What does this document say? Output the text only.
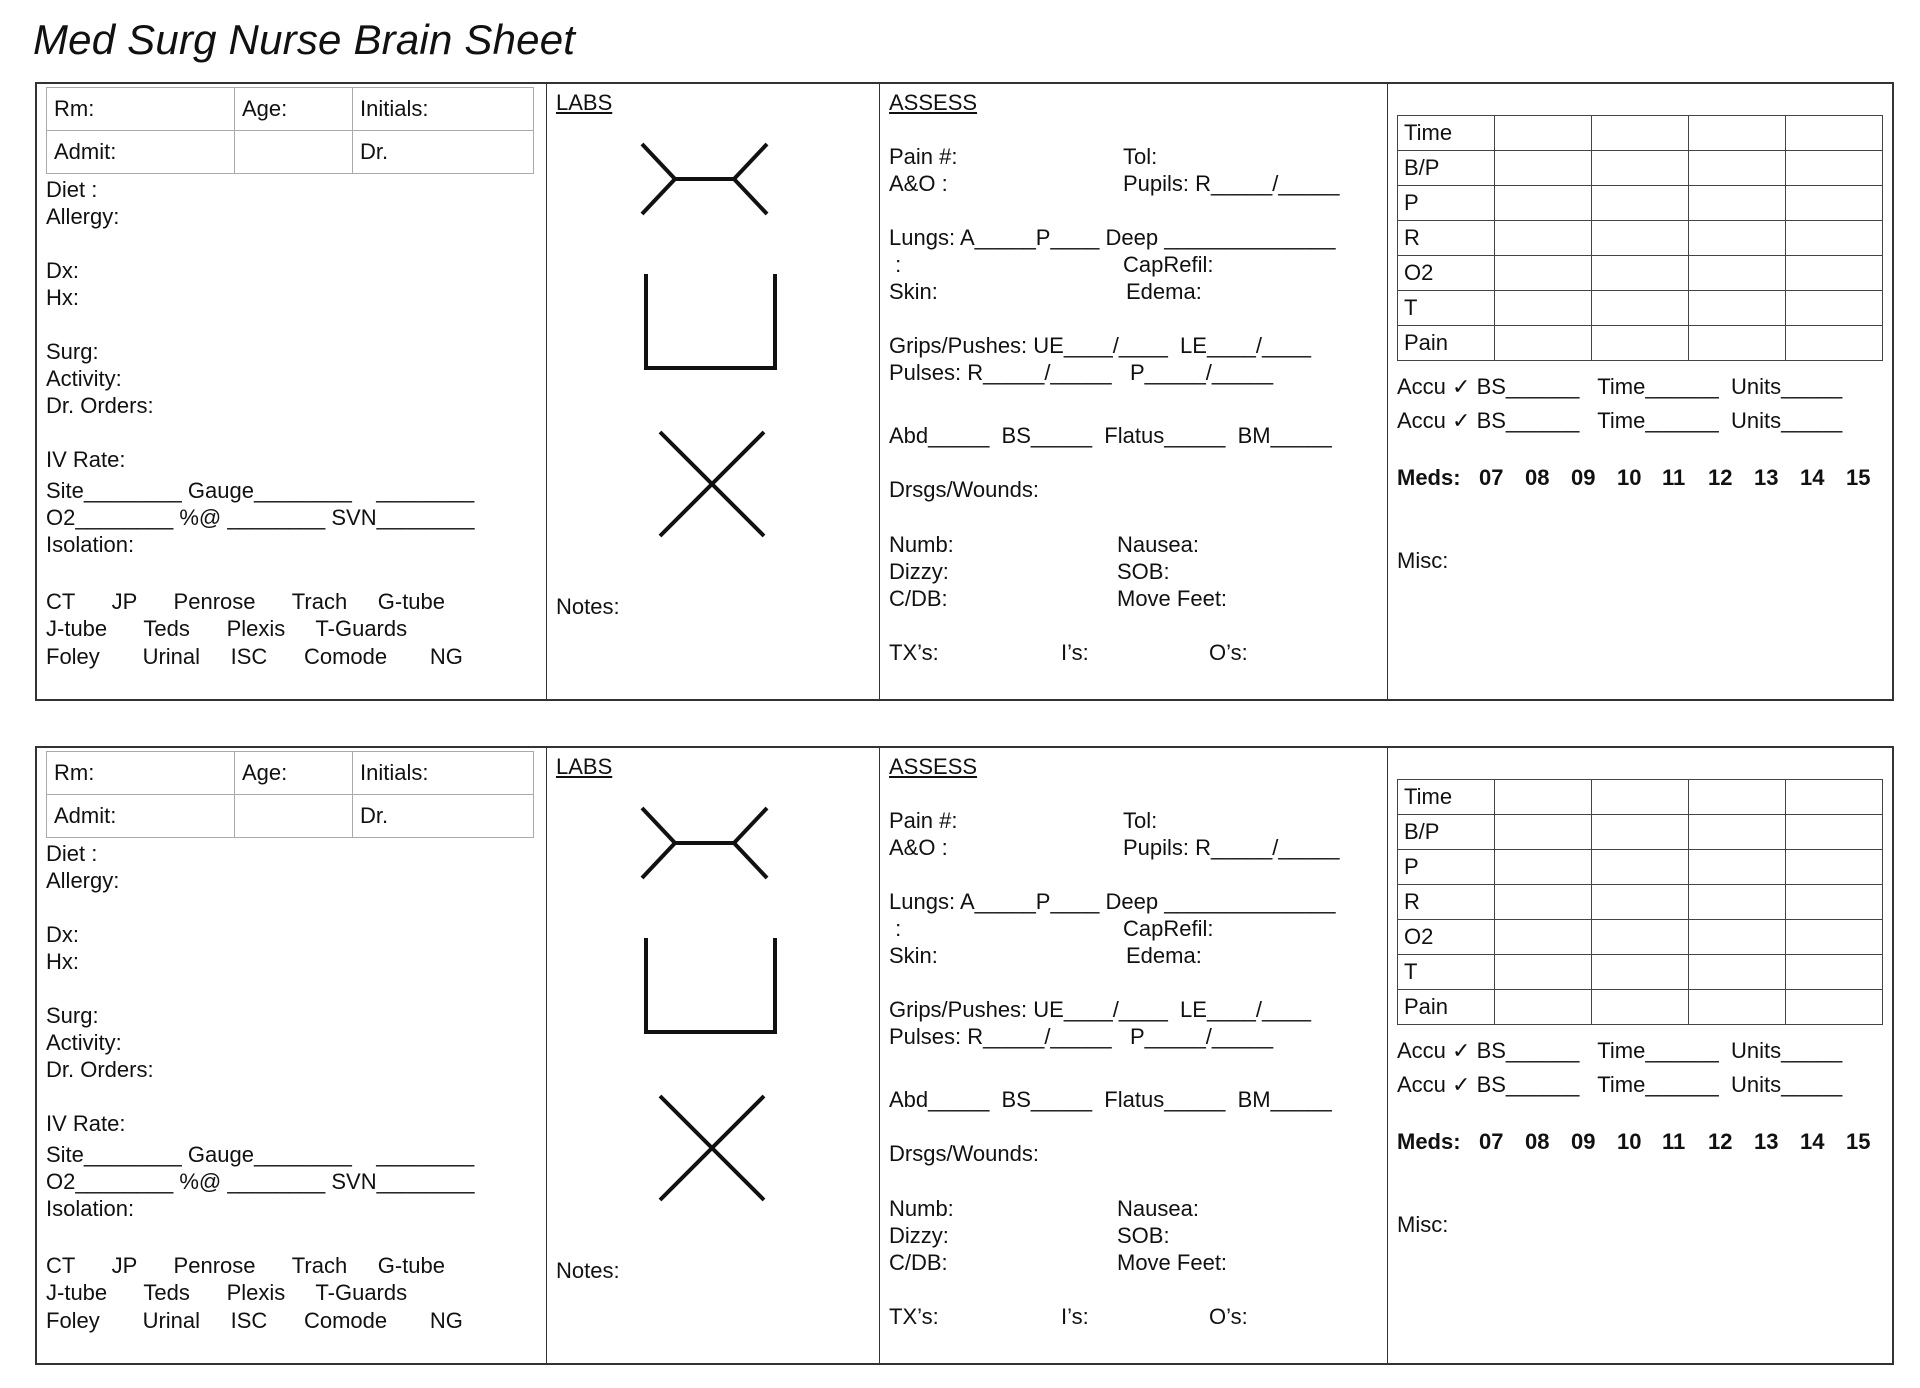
Med Surg Nurse Brain Sheet
Rm:	Age:	Initials:
Admit:		Dr.
Diet :
Allergy:
Dx:
Hx:
Surg:
Activity:
Dr. Orders:
IV Rate:
Site________ Gauge________    ________
O2________ %@ ________ SVN________
Isolation:
CT      JP      Penrose      Trach     G-tube
J-tube      Teds      Plexis     T-Guards
Foley       Urinal     ISC      Comode       NG
LABS
Notes:
ASSESS
Pain #:	Tol:
A&O :	Pupils: R_____/_____
Lungs: A_____P____ Deep ______________
:	CapRefil:
Skin:	Edema:
Grips/Pushes: UE____/____  LE____/____
Pulses: R_____/_____   P_____/_____
Abd_____  BS_____  Flatus_____  BM_____
Drsgs/Wounds:
Numb:	Nausea:
Dizzy:	SOB:
C/DB:	Move Feet:
TX’s:	I’s:	O’s:
Time				
B/P				
P				
R				
O2				
T				
Pain				
Accu ✓ BS______   Time______  Units_____
Accu ✓ BS______   Time______  Units_____
Meds: 07 08 09 10 11 12 13 14 15
Misc:
Rm:	Age:	Initials:
Admit:		Dr.
Diet :
Allergy:
Dx:
Hx:
Surg:
Activity:
Dr. Orders:
IV Rate:
Site________ Gauge________    ________
O2________ %@ ________ SVN________
Isolation:
CT      JP      Penrose      Trach     G-tube
J-tube      Teds      Plexis     T-Guards
Foley       Urinal     ISC      Comode       NG
LABS
Notes:
ASSESS
Pain #:	Tol:
A&O :	Pupils: R_____/_____
Lungs: A_____P____ Deep ______________
:	CapRefil:
Skin:	Edema:
Grips/Pushes: UE____/____  LE____/____
Pulses: R_____/_____   P_____/_____
Abd_____  BS_____  Flatus_____  BM_____
Drsgs/Wounds:
Numb:	Nausea:
Dizzy:	SOB:
C/DB:	Move Feet:
TX’s:	I’s:	O’s:
Time				
B/P				
P				
R				
O2				
T				
Pain				
Accu ✓ BS______   Time______  Units_____
Accu ✓ BS______   Time______  Units_____
Meds: 07 08 09 10 11 12 13 14 15
Misc:
